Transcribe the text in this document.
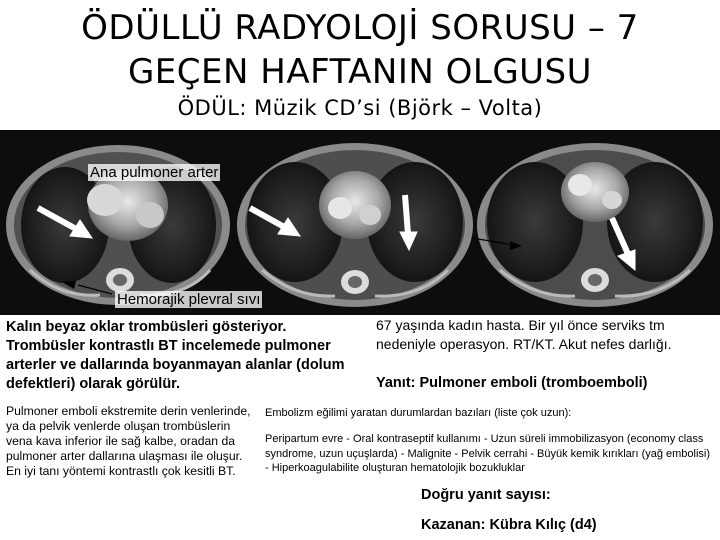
ÖDÜLLÜ RADYOLOJİ SORUSU – 7
GEÇEN HAFTANIN OLGUSU
ÖDÜL: Müzik CD’si (Björk – Volta)
Ana pulmoner arter
Hemorajik plevral sıvı
Kalın beyaz oklar trombüsleri gösteriyor. Trombüsler kontrastlı BT incelemede pulmoner arterler ve dallarında boyanmayan alanlar (dolum defektleri) olarak görülür.
67 yaşında kadın hasta. Bir yıl önce serviks tm nedeniyle operasyon. RT/KT. Akut nefes darlığı.
Yanıt: Pulmoner emboli (tromboemboli)
Pulmoner emboli ekstremite derin venlerinde, ya da pelvik venlerde oluşan trombüslerin vena kava inferior ile sağ kalbe, oradan da pulmoner arter dallarına ulaşması ile oluşur. En iyi tanı yöntemi kontrastlı çok kesitli BT.
Embolizm eğilimi yaratan durumlardan bazıları (liste çok uzun):
Peripartum evre - Oral kontraseptif kullanımı - Uzun süreli immobilizasyon (economy class syndrome, uzun uçuşlarda) - Malignite - Pelvik cerrahi - Büyük kemik kırıkları (yağ embolisi) - Hiperkoagulabilite oluşturan hematolojik bozukluklar
Doğru yanıt sayısı:
Kazanan: Kübra Kılıç (d4)
